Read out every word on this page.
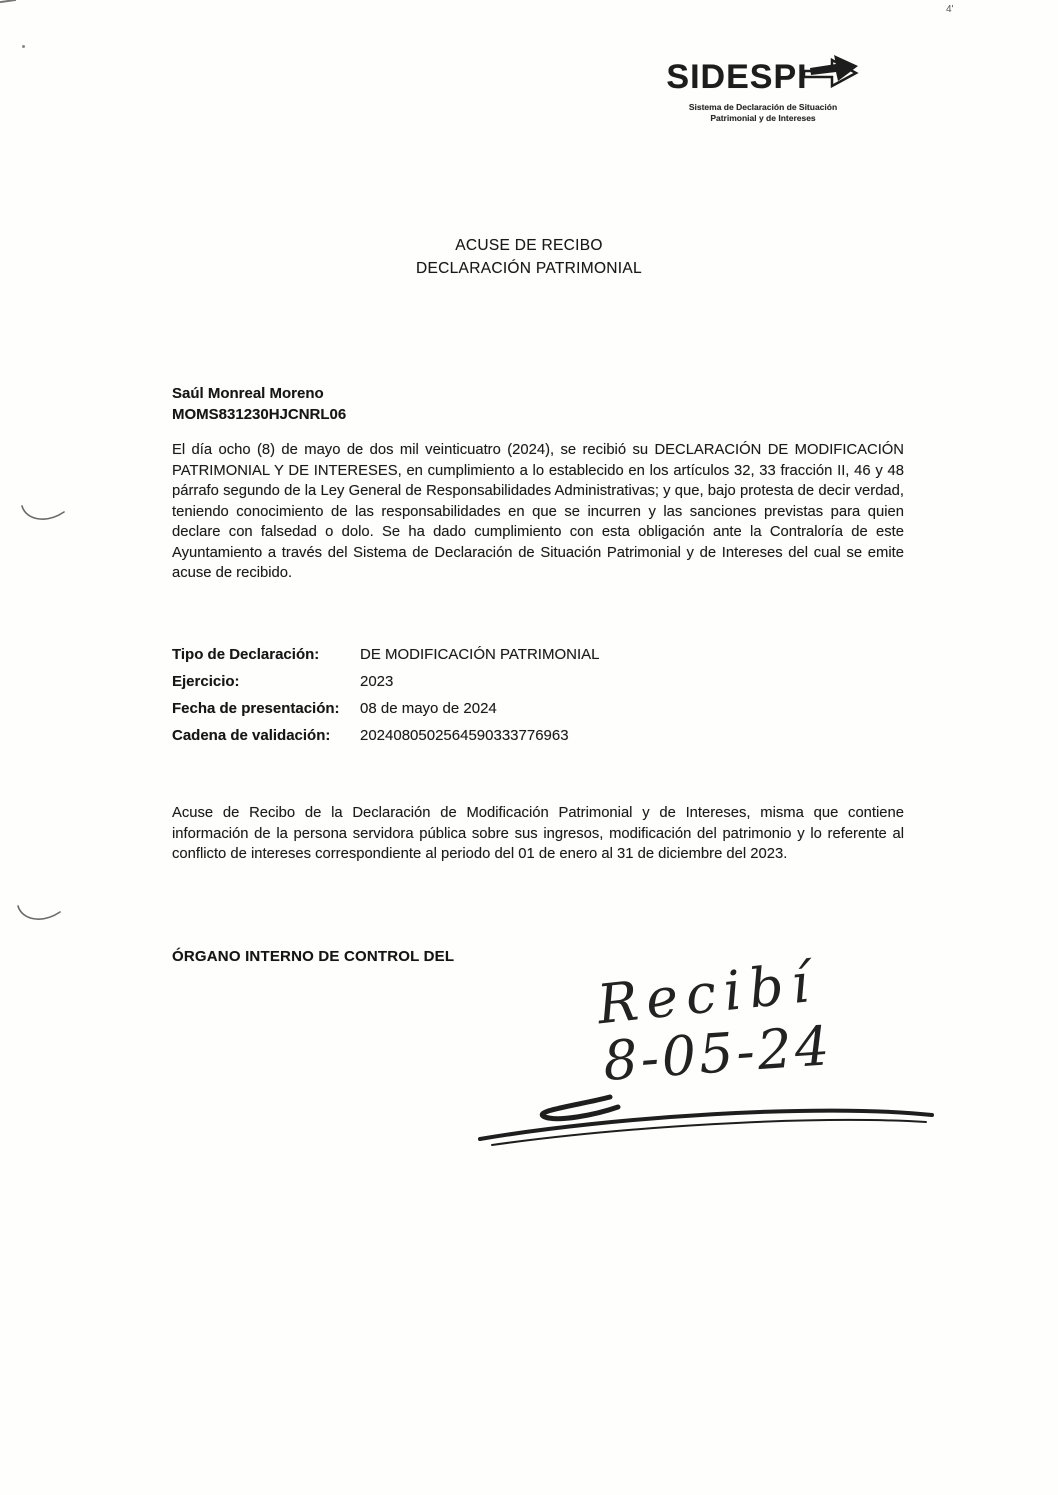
SIDESPI
Sistema de Declaración de Situación
Patrimonial y de Intereses
ACUSE DE RECIBO
DECLARACIÓN PATRIMONIAL
Saúl Monreal Moreno
MOMS831230HJCNRL06
El día ocho (8) de mayo de dos mil veinticuatro (2024), se recibió su DECLARACIÓN DE MODIFICACIÓN PATRIMONIAL Y DE INTERESES, en cumplimiento a lo establecido en los artículos 32, 33 fracción II, 46 y 48 párrafo segundo de la Ley General de Responsabilidades Administrativas; y que, bajo protesta de decir verdad, teniendo conocimiento de las responsabilidades en que se incurren y las sanciones previstas para quien declare con falsedad o dolo. Se ha dado cumplimiento con esta obligación ante la Contraloría de este Ayuntamiento a través del Sistema de Declaración de Situación Patrimonial y de Intereses del cual se emite acuse de recibido.
Tipo de Declaración:	DE MODIFICACIÓN PATRIMONIAL
Ejercicio:	2023
Fecha de presentación:	08 de mayo de 2024
Cadena de validación:	2024080502564590333776963
Acuse de Recibo de la Declaración de Modificación Patrimonial y de Intereses, misma que contiene información de la persona servidora pública sobre sus ingresos, modificación del patrimonio y lo referente al conflicto de intereses correspondiente al periodo del 01 de enero al 31 de diciembre del 2023.
ÓRGANO INTERNO DE CONTROL DEL	Recibí
8-05-24
4'
